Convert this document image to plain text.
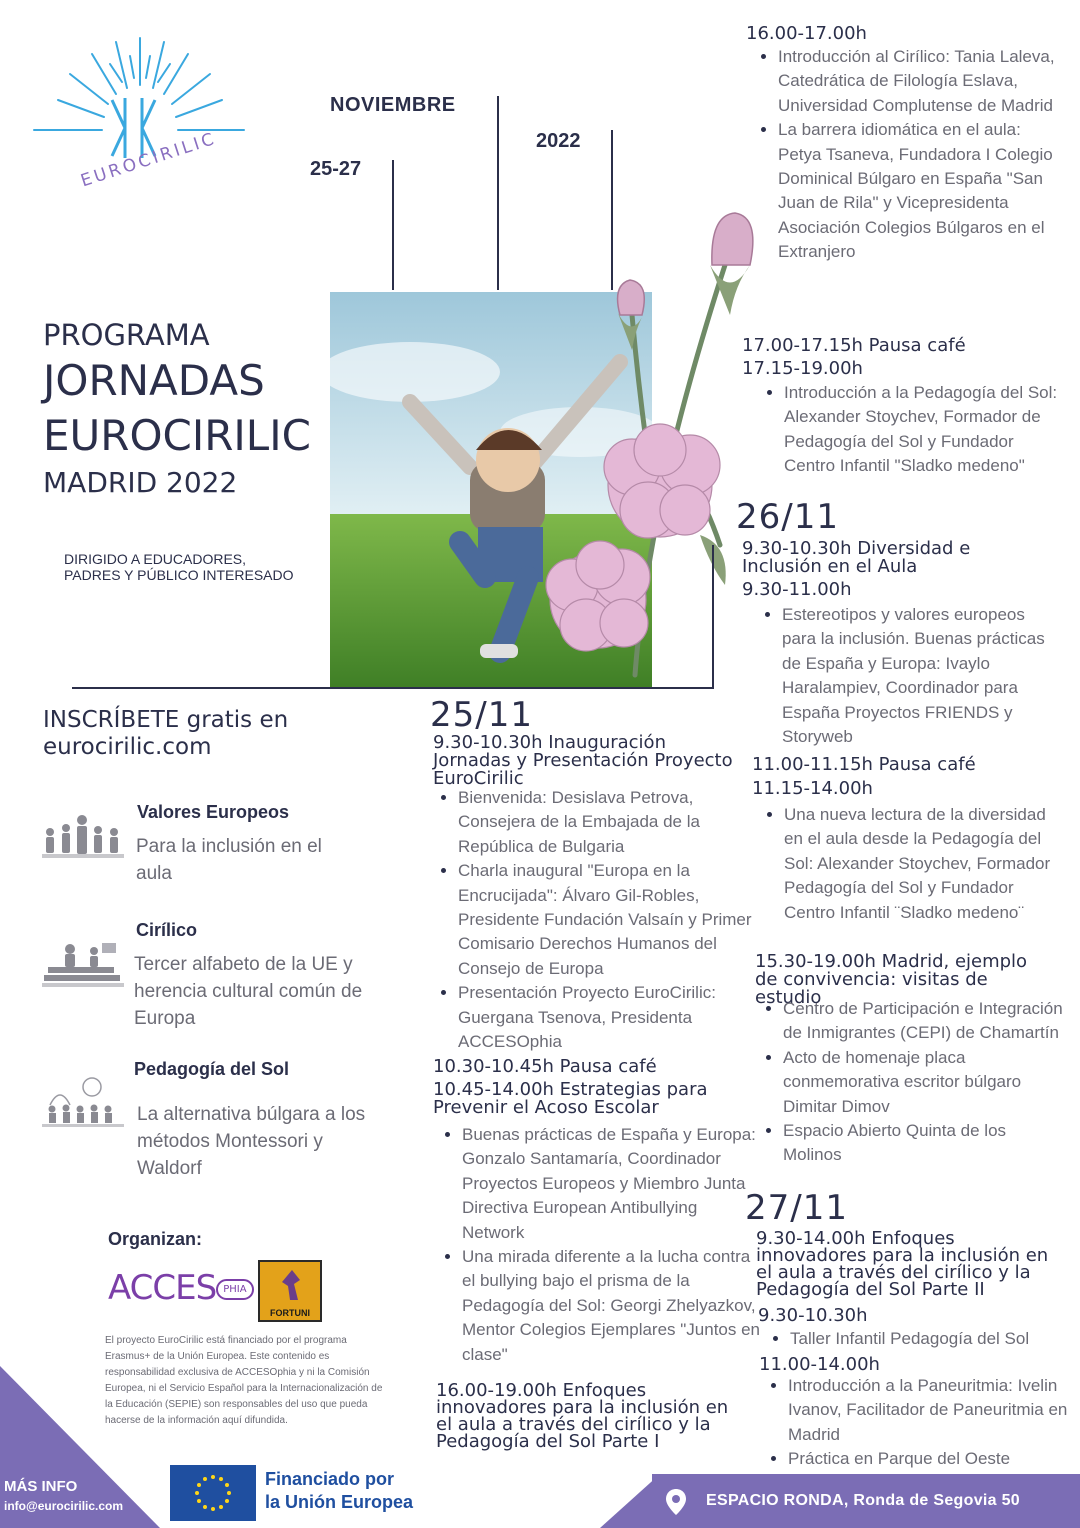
EUROCIRILIC
NOVIEMBRE
25-27
2022
PROGRAMA
JORNADAS
EUROCIRILIC
MADRID 2022
DIRIGIDO A EDUCADORES,
PADRES Y PÚBLICO INTERESADO
INSCRÍBETE gratis en
eurocirilic.com
Valores Europeos
Para la inclusión en el aula
Cirílico
Tercer alfabeto de la UE y herencia cultural común de Europa
Pedagogía del Sol
La alternativa búlgara a los métodos Montessori y Waldorf
Organizan:
ACCES PHIA
FORTUNI
El proyecto EuroCirilic está financiado por el programa Erasmus+ de la Unión Europea. Este contenido es responsabilidad exclusiva de ACCESOphia y ni la Comisión Europea, ni el Servicio Español para la Internacionalización de la Educación (SEPIE) son responsables del uso que pueda hacerse de la información aquí difundida.
25/11
9.30-10.30h Inauguración Jornadas y Presentación Proyecto EuroCirilic
• Bienvenida: Desislava Petrova, Consejera de la Embajada de la República de Bulgaria
• Charla inaugural "Europa en la Encrucijada": Álvaro Gil-Robles, Presidente Fundación Valsaín y Primer Comisario Derechos Humanos del Consejo de Europa
• Presentación Proyecto EuroCirilic: Guergana Tsenova, Presidenta ACCESOphia
10.30-10.45h Pausa café
10.45-14.00h Estrategias para Prevenir el Acoso Escolar
• Buenas prácticas de España y Europa: Gonzalo Santamaría, Coordinador Proyectos Europeos y Miembro Junta Directiva European Antibullying Network
• Una mirada diferente a la lucha contra el bullying bajo el prisma de la Pedagogía del Sol: Georgi Zhelyazkov, Mentor Colegios Ejemplares "Juntos en clase"
16.00-19.00h Enfoques innovadores para la inclusión en el aula a través del cirílico y la Pedagogía del Sol Parte I
16.00-17.00h
• Introducción al Cirílico: Tania Laleva, Catedrática de Filología Eslava, Universidad Complutense de Madrid
• La barrera idiomática en el aula: Petya Tsaneva, Fundadora I Colegio Dominical Búlgaro en España "San Juan de Rila" y Vicepresidenta Asociación Colegios Búlgaros en el Extranjero
17.00-17.15h Pausa café
17.15-19.00h
• Introducción a la Pedagogía del Sol: Alexander Stoychev, Formador de Pedagogía del Sol y Fundador Centro Infantil "Sladko medeno"
26/11
9.30-10.30h Diversidad e Inclusión en el Aula
9.30-11.00h
• Estereotipos y valores europeos para la inclusión. Buenas prácticas de España y Europa: Ivaylo Haralampiev, Coordinador para España Proyectos FRIENDS y Storyweb
11.00-11.15h Pausa café
11.15-14.00h
• Una nueva lectura de la diversidad en el aula desde la Pedagogía del Sol: Alexander Stoychev, Formador Pedagogía del Sol y Fundador Centro Infantil ¨Sladko medeno¨
15.30-19.00h Madrid, ejemplo de convivencia: visitas de estudio
• Centro de Participación e Integración de Inmigrantes (CEPI) de Chamartín
• Acto de homenaje placa conmemorativa escritor búlgaro Dimitar Dimov
• Espacio Abierto Quinta de los Molinos
27/11
9.30-14.00h Enfoques innovadores para la inclusión en el aula a través del cirílico y la Pedagogía del Sol Parte II
9.30-10.30h
• Taller Infantil Pedagogía del Sol
11.00-14.00h
• Introducción a la Paneuritmia: Ivelin Ivanov, Facilitador de Paneuritmia en Madrid
• Práctica en Parque del Oeste
MÁS INFO
info@eurocirilic.com
Financiado por
la Unión Europea	ESPACIO RONDA, Ronda de Segovia 50
